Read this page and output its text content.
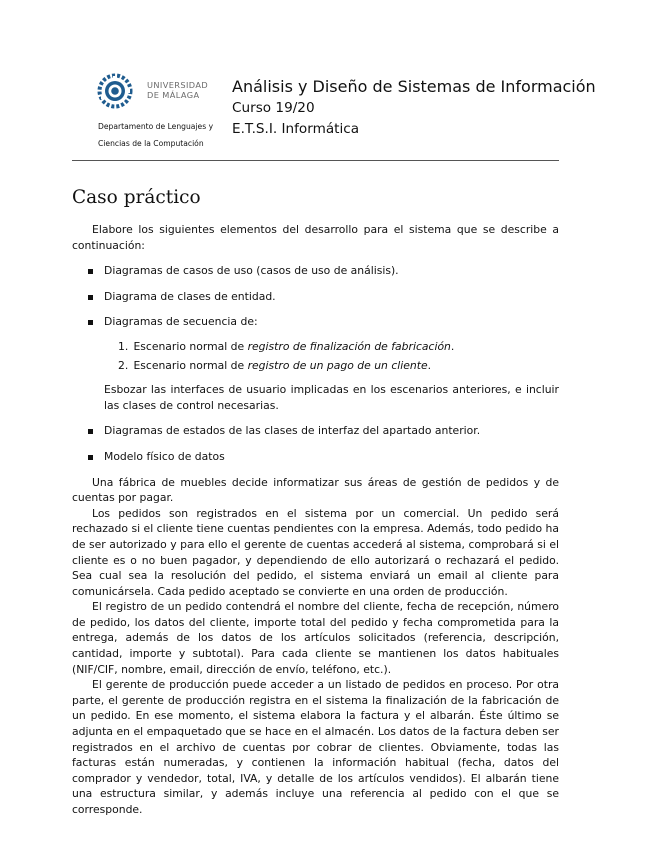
UNIVERSIDAD
DE MÁLAGA
Departamento de Lenguajes y
Ciencias de la Computación
Análisis y Diseño de Sistemas de Información
Curso 19/20
E.T.S.I. Informática
Caso práctico

Elabore los siguientes elementos del desarrollo para el sistema que se describe a continuación:

Diagramas de casos de uso (casos de uso de análisis).
Diagrama de clases de entidad.
Diagramas de secuencia de:
1. Escenario normal de registro de finalización de fabricación.
2. Escenario normal de registro de un pago de un cliente.
Esbozar las interfaces de usuario implicadas en los escenarios anteriores, e incluir las clases de control necesarias.
Diagramas de estados de las clases de interfaz del apartado anterior.
Modelo físico de datos

Una fábrica de muebles decide informatizar sus áreas de gestión de pedidos y de cuentas por pagar.

Los pedidos son registrados en el sistema por un comercial. Un pedido será rechazado si el cliente tiene cuentas pendientes con la empresa. Además, todo pedido ha de ser autorizado y para ello el gerente de cuentas accederá al sistema, comprobará si el cliente es o no buen pagador, y dependiendo de ello autorizará o rechazará el pedido. Sea cual sea la resolución del pedido, el sistema enviará un email al cliente para comunicársela. Cada pedido aceptado se convierte en una orden de producción.

El registro de un pedido contendrá el nombre del cliente, fecha de recepción, número de pedido, los datos del cliente, importe total del pedido y fecha comprometida para la entrega, además de los datos de los artículos solicitados (referencia, descripción, cantidad, importe y subtotal). Para cada cliente se mantienen los datos habituales (NIF/CIF, nombre, email, dirección de envío, teléfono, etc.).

El gerente de producción puede acceder a un listado de pedidos en proceso. Por otra parte, el gerente de producción registra en el sistema la finalización de la fabricación de un pedido. En ese momento, el sistema elabora la factura y el albarán. Éste último se adjunta en el empaquetado que se hace en el almacén. Los datos de la factura deben ser registrados en el archivo de cuentas por cobrar de clientes. Obviamente, todas las facturas están numeradas, y contienen la información habitual (fecha, datos del comprador y vendedor, total, IVA, y detalle de los artículos vendidos). El albarán tiene una estructura similar, y además incluye una referencia al pedido con el que se corresponde.
